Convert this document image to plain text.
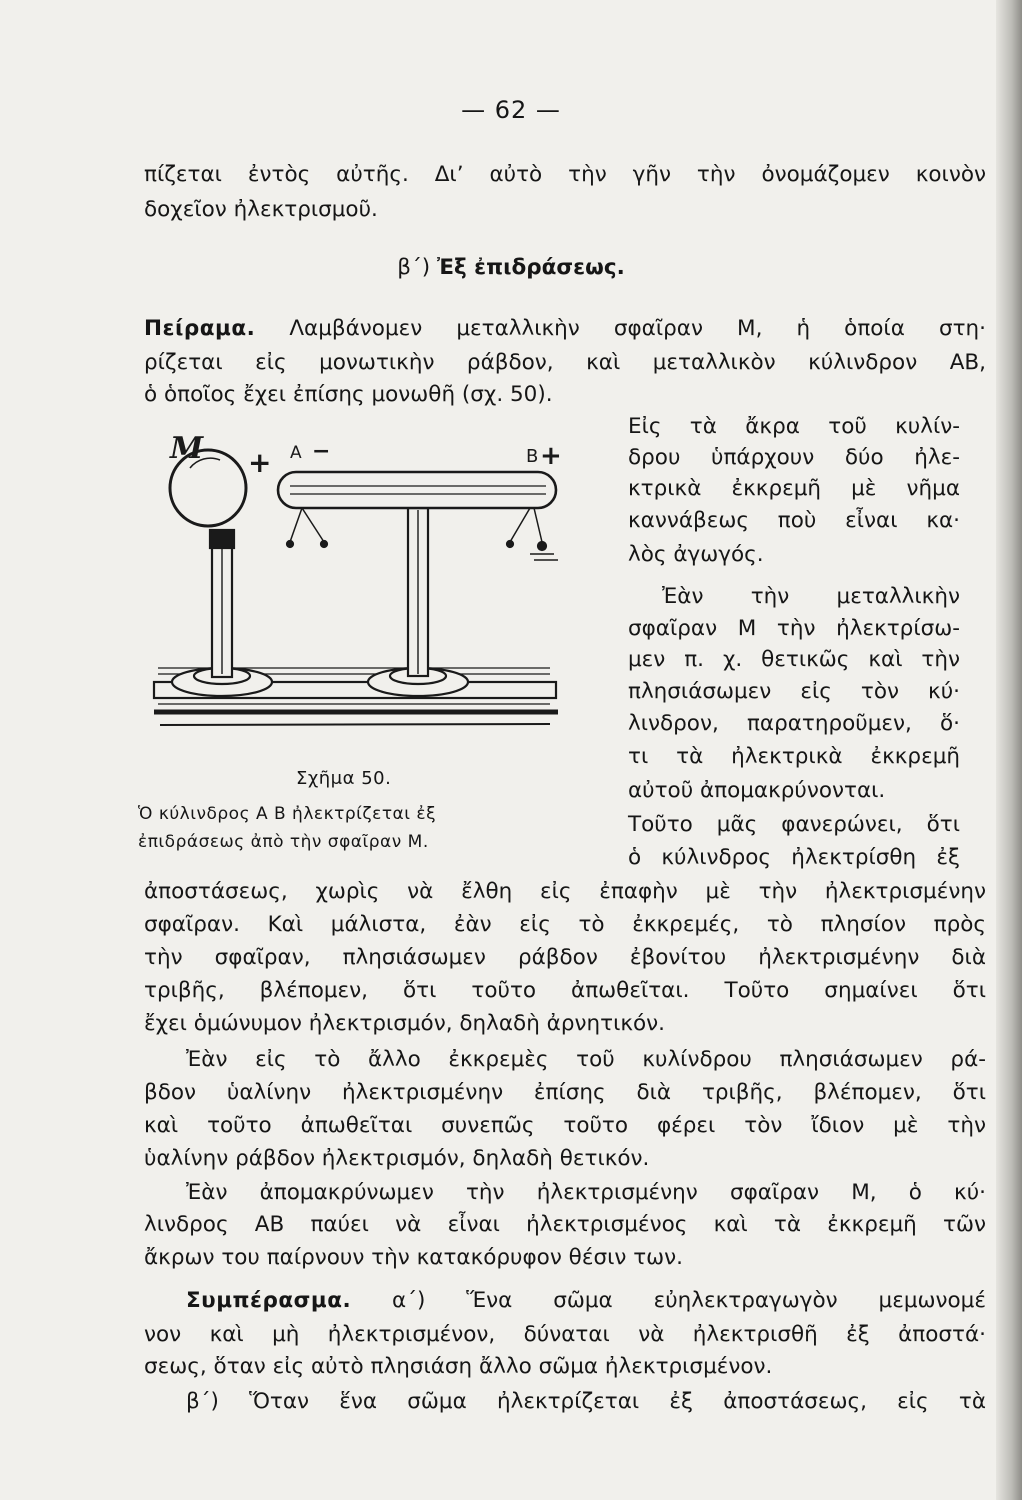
— 62 —
πίζεται ἐντὸς αὐτῆς. Διʼ αὐτὸ τὴν γῆν τὴν ὀνομάζομεν κοινὸν
δοχεῖον ἠλεκτρισμοῦ.
β΄) Ἐξ ἐπιδράσεως.
Πείραμα. Λαμβάνομεν μεταλλικὴν σφαῖραν Μ, ἡ ὁποία στη·
ρίζεται εἰς μονωτικὴν ράβδον, καὶ μεταλλικὸν κύλινδρον ΑΒ,
ὁ ὁποῖος ἔχει ἐπίσης μονωθῆ (σχ. 50).
Εἰς τὰ ἄκρα τοῦ κυλίν-
δρου ὑπάρχουν δύο ἠλε-
κτρικὰ ἐκκρεμῆ μὲ νῆμα
καννάβεως ποὺ εἶναι κα·
λὸς ἀγωγός.
Ἐὰν τὴν μεταλλικὴν
σφαῖραν Μ τὴν ἠλεκτρίσω-
μεν π. χ. θετικῶς καὶ τὴν
πλησιάσωμεν εἰς τὸν κύ·
λινδρον, παρατηροῦμεν, ὅ·
τι τὰ ἠλεκτρικὰ ἐκκρεμῆ
αὐτοῦ ἀπομακρύνονται.
Τοῦτο μᾶς φανερώνει, ὅτι
ὁ κύλινδρος ἠλεκτρίσθη ἐξ
Μ + Α −	Β +
Σχῆμα 50.
Ὁ κύλινδρος Α Β ἠλεκτρίζεται ἐξ
ἐπιδράσεως ἀπὸ τὴν σφαῖραν Μ.
ἀποστάσεως, χωρὶς νὰ ἔλθη εἰς ἐπαφὴν μὲ τὴν ἠλεκτρισμένην
σφαῖραν. Καὶ μάλιστα, ἐὰν εἰς τὸ ἐκκρεμές, τὸ πλησίον πρὸς
τὴν σφαῖραν, πλησιάσωμεν ράβδον ἐβονίτου ἠλεκτρισμένην διὰ
τριβῆς, βλέπομεν, ὅτι τοῦτο ἀπωθεῖται. Τοῦτο σημαίνει ὅτι
ἔχει ὁμώνυμον ἠλεκτρισμόν, δηλαδὴ ἀρνητικόν.
Ἐὰν εἰς τὸ ἄλλο ἐκκρεμὲς τοῦ κυλίνδρου πλησιάσωμεν ρά-
βδον ὑαλίνην ἠλεκτρισμένην ἐπίσης διὰ τριβῆς, βλέπομεν, ὅτι
καὶ τοῦτο ἀπωθεῖται συνεπῶς τοῦτο φέρει τὸν ἴδιον μὲ τὴν
ὑαλίνην ράβδον ἠλεκτρισμόν, δηλαδὴ θετικόν.
Ἐὰν ἀπομακρύνωμεν τὴν ἠλεκτρισμένην σφαῖραν Μ, ὁ κύ·
λινδρος ΑΒ παύει νὰ εἶναι ἠλεκτρισμένος καὶ τὰ ἐκκρεμῆ τῶν
ἄκρων του παίρνουν τὴν κατακόρυφον θέσιν των.
Συμπέρασμα. α΄) Ἕνα σῶμα εὐηλεκτραγωγὸν μεμωνομέ
νον καὶ μὴ ἠλεκτρισμένον, δύναται νὰ ἠλεκτρισθῆ ἐξ ἀποστά·
σεως, ὅταν εἰς αὐτὸ πλησιάση ἄλλο σῶμα ἠλεκτρισμένον.
β΄) Ὅταν ἕνα σῶμα ἠλεκτρίζεται ἐξ ἀποστάσεως, εἰς τὰ
